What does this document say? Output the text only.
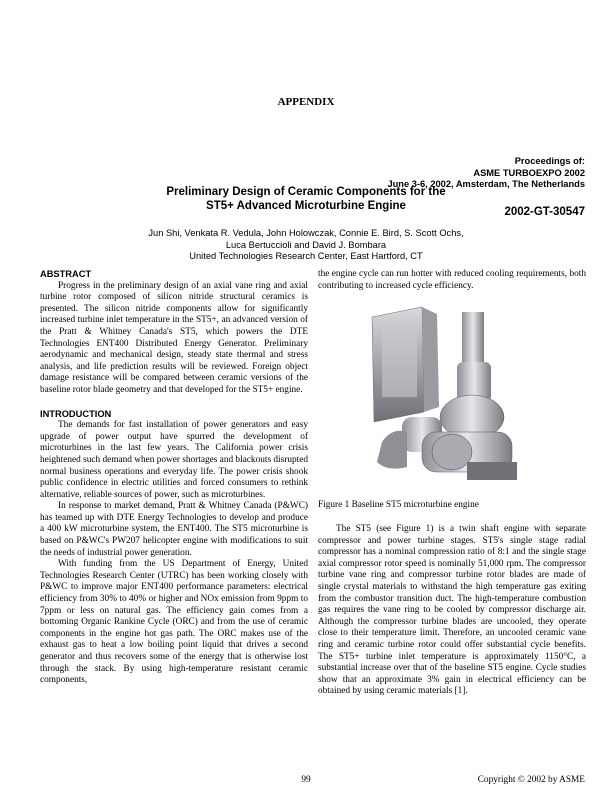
APPENDIX
Proceedings of:
ASME TURBOEXPO 2002
June 3-6, 2002, Amsterdam, The Netherlands
Preliminary Design of Ceramic Components for the
ST5+ Advanced Microturbine Engine	2002-GT-30547
Jun Shi, Venkata R. Vedula, John Holowczak, Connie E. Bird, S. Scott Ochs,
Luca Bertuccioli and David J. Bombara
United Technologies Research Center, East Hartford, CT
ABSTRACT

Progress in the preliminary design of an axial vane ring and axial turbine rotor composed of silicon nitride structural ceramics is presented. The silicon nitride components allow for significantly increased turbine inlet temperature in the ST5+, an advanced version of the Pratt & Whitney Canada's ST5, which powers the DTE Technologies ENT400 Distributed Energy Generator. Preliminary aerodynamic and mechanical design, steady state thermal and stress analysis, and life prediction results will be reviewed. Foreign object damage resistance will be compared between ceramic versions of the baseline rotor blade geometry and that developed for the ST5+ engine.

INTRODUCTION

The demands for fast installation of power generators and easy upgrade of power output have spurred the development of microturbines in the last few years. The California power crisis heightened such demand when power shortages and blackouts disrupted normal business operations and everyday life. The power crisis shook public confidence in electric utilities and forced consumers to rethink alternative, reliable sources of power, such as microturbines.

In response to market demand, Pratt & Whitney Canada (P&WC) has teamed up with DTE Energy Technologies to develop and produce a 400 kW microturbine system, the ENT400. The ST5 microturbine is based on P&WC's PW207 helicopter engine with modifications to suit the needs of industrial power generation.

With funding from the US Department of Energy, United Technologies Research Center (UTRC) has been working closely with P&WC to improve major ENT400 performance parameters: electrical efficiency from 30% to 40% or higher and NOx emission from 9ppm to 7ppm or less on natural gas. The efficiency gain comes from a bottoming Organic Rankine Cycle (ORC) and from the use of ceramic components in the engine hot gas path. The ORC makes use of the exhaust gas to heat a low boiling point liquid that drives a second generator and thus recovers some of the energy that is otherwise lost through the stack. By using high-temperature resistant ceramic components,

the engine cycle can run hotter with reduced cooling requirements, both contributing to increased cycle efficiency.

Figure 1 Baseline ST5 microturbine engine

The ST5 (see Figure 1) is a twin shaft engine with separate compressor and power turbine stages. ST5's single stage radial compressor has a nominal compression ratio of 8:1 and the single stage axial compressor rotor speed is nominally 51,000 rpm. The compressor turbine vane ring and compressor turbine rotor blades are made of single crystal materials to withstand the high temperature gas exiting from the combustor transition duct. The high-temperature combustion gas requires the vane ring to be cooled by compressor discharge air. Although the compressor turbine blades are uncooled, they operate close to their temperature limit. Therefore, an uncooled ceramic vane ring and ceramic turbine rotor could offer substantial cycle benefits. The ST5+ turbine inlet temperature is approximately 1150°C, a substantial increase over that of the baseline ST5 engine. Cycle studies show that an approximate 3% gain in electrical efficiency can be obtained by using ceramic materials [1].

99	Copyright © 2002 by ASME
